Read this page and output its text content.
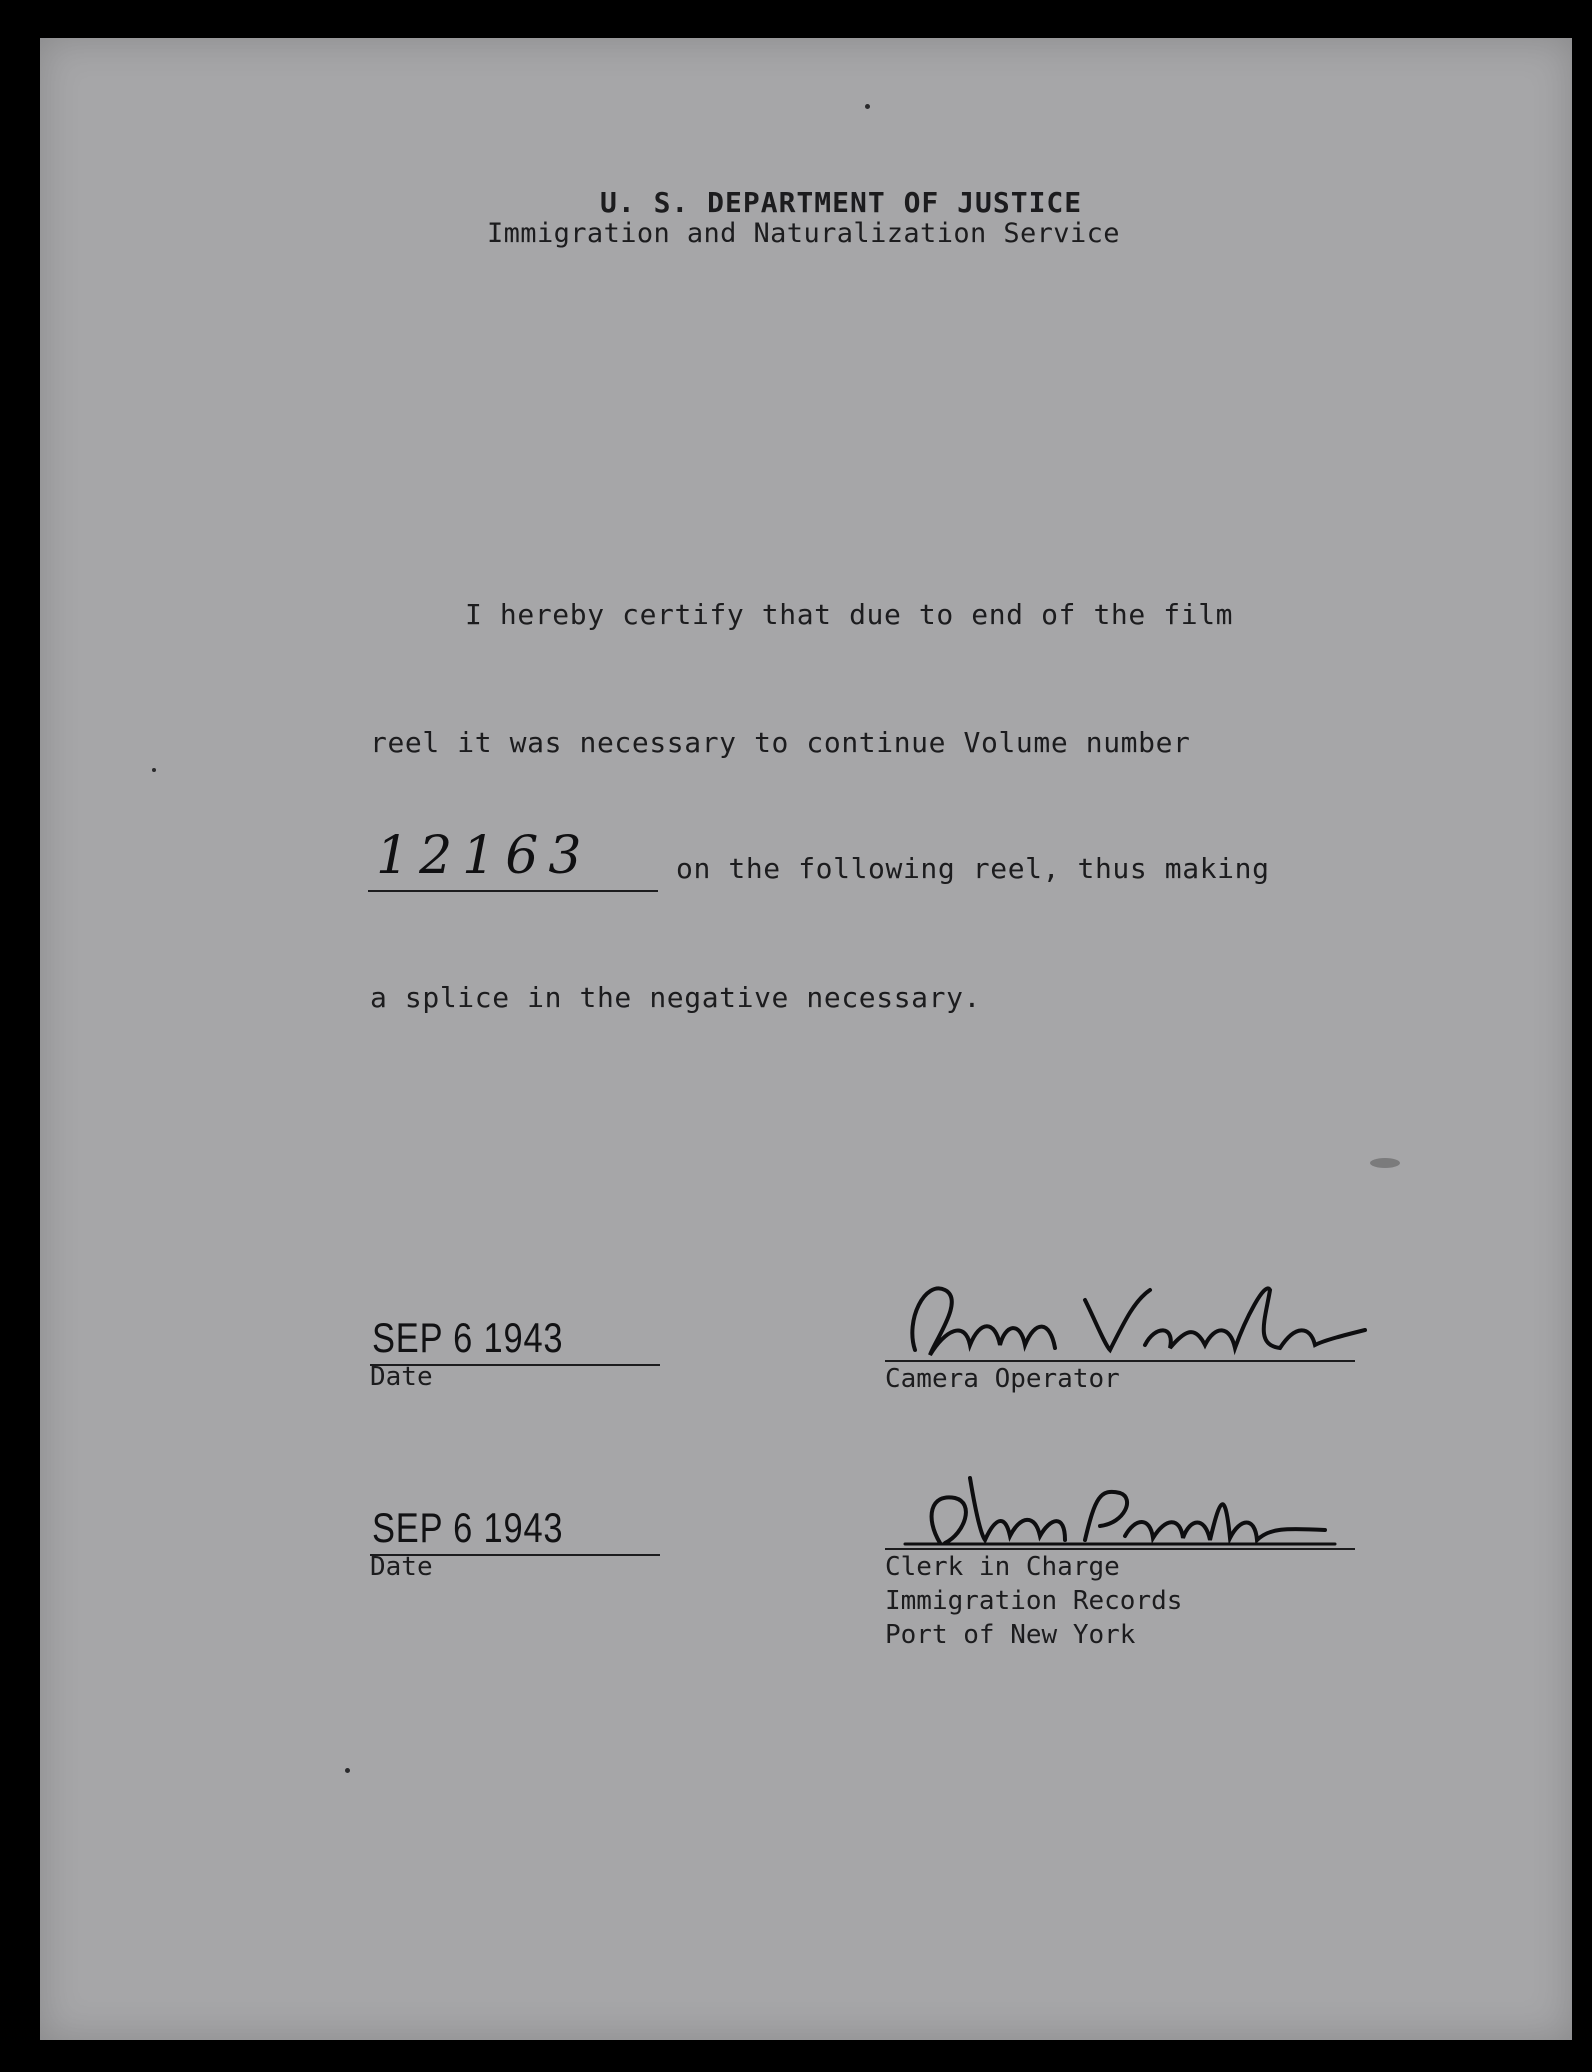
U. S. DEPARTMENT OF JUSTICE
Immigration and Naturalization Service
I hereby certify that due to end of the film
reel it was necessary to continue Volume number
12163	on the following reel, thus making
a splice in the negative necessary.
SEP 6 1943
Date	Camera Operator
SEP 6 1943
Date	Clerk in Charge
Immigration Records
Port of New York
